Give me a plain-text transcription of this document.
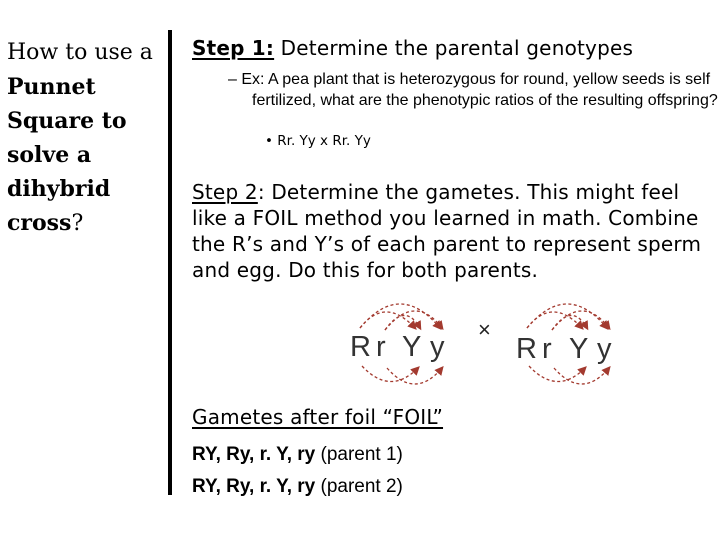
How to use a
Punnet
Square to
solve a
dihybrid
cross?
Step 1: Determine the parental genotypes
– Ex: A pea plant that is heterozygous for round, yellow seeds is self fertilized, what are the phenotypic ratios of the resulting offspring?
• Rr. Yy x Rr. Yy
Step 2: Determine the gametes. This might feel like a FOIL method you learned in math. Combine the R’s and Y’s of each parent to represent sperm and egg. Do this for both parents.
R r Y y R r Y y
×
Gametes after foil “FOIL”
RY, Ry, r. Y, ry (parent 1)
RY, Ry, r. Y, ry (parent 2)
